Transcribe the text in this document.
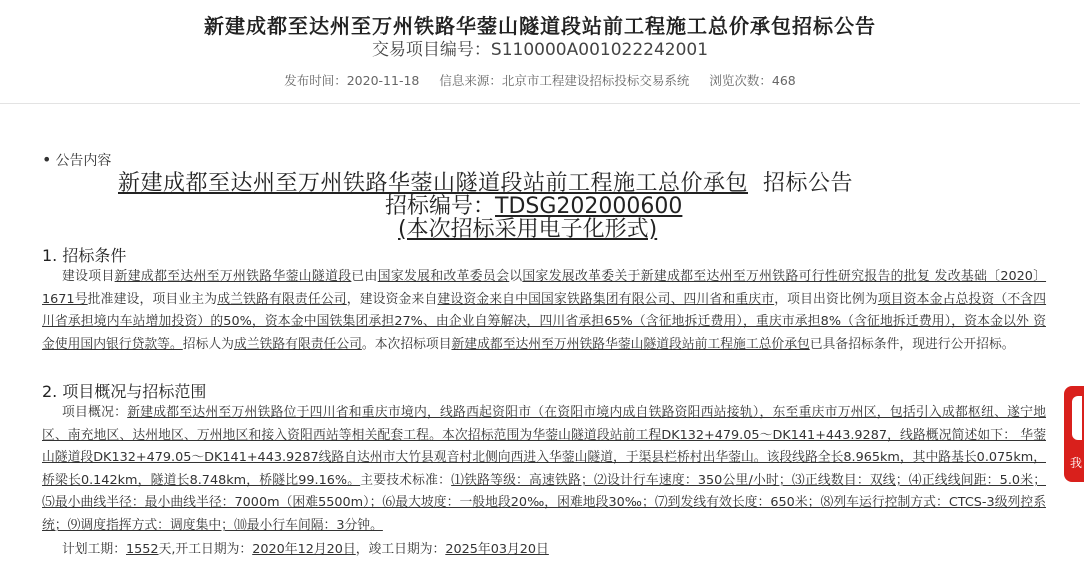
新建成都至达州至万州铁路华蓥山隧道段站前工程施工总价承包招标公告
交易项目编号：S110000A001022242001
发布时间：2020-11-18 信息来源：北京市工程建设招标投标交易系统 浏览次数：468
• 公告内容
新建成都至达州至万州铁路华蓥山隧道段站前工程施工总价承包 招标公告
招标编号：TDSG202000600
(本次招标采用电子化形式)
1. 招标条件
建设项目新建成都至达州至万州铁路华蓥山隧道段已由国家发展和改革委员会以国家发展改革委关于新建成都至达州至万州铁路可行性研究报告的批复 发改基础〔2020〕1671号批准建设，项目业主为成兰铁路有限责任公司，建设资金来自建设资金来自中国国家铁路集团有限公司、四川省和重庆市，项目出资比例为项目资本金占总投资（不含四川省承担境内车站增加投资）的50%，资本金中国铁集团承担27%、由企业自筹解决，四川省承担65%（含征地拆迁费用），重庆市承担8%（含征地拆迁费用），资本金以外 资金使用国内银行贷款等。招标人为成兰铁路有限责任公司。本次招标项目新建成都至达州至万州铁路华蓥山隧道段站前工程施工总价承包已具备招标条件，现进行公开招标。
2. 项目概况与招标范围
项目概况：新建成都至达州至万州铁路位于四川省和重庆市境内，线路西起资阳市（在资阳市境内成自铁路资阳西站接轨），东至重庆市万州区，包括引入成都枢纽、遂宁地区、南充地区、达州地区、万州地区和接入资阳西站等相关配套工程。本次招标范围为华蓥山隧道段站前工程DK132+479.05～DK141+443.9287，线路概况简述如下： 华蓥山隧道段DK132+479.05～DK141+443.9287线路自达州市大竹县观音村北侧向西进入华蓥山隧道，于渠县栏桥村出华蓥山。该段线路全长8.965km，其中路基长0.075km，桥梁长0.142km，隧道长8.748km，桥隧比99.16%。主要技术标准：⑴铁路等级：高速铁路；⑵设计行车速度：350公里/小时；⑶正线数目：双线；⑷正线线间距：5.0米；⑸最小曲线半径：最小曲线半径：7000m（困难5500m）；⑹最大坡度：一般地段20‰，困难地段30‰；⑺到发线有效长度：650米；⑻列车运行控制方式：CTCS-3级列控系统；⑼调度指挥方式：调度集中；⑽最小行车间隔：3分钟。
计划工期：1552天,开工日期为：2020年12月20日，竣工日期为：2025年03月20日
我
